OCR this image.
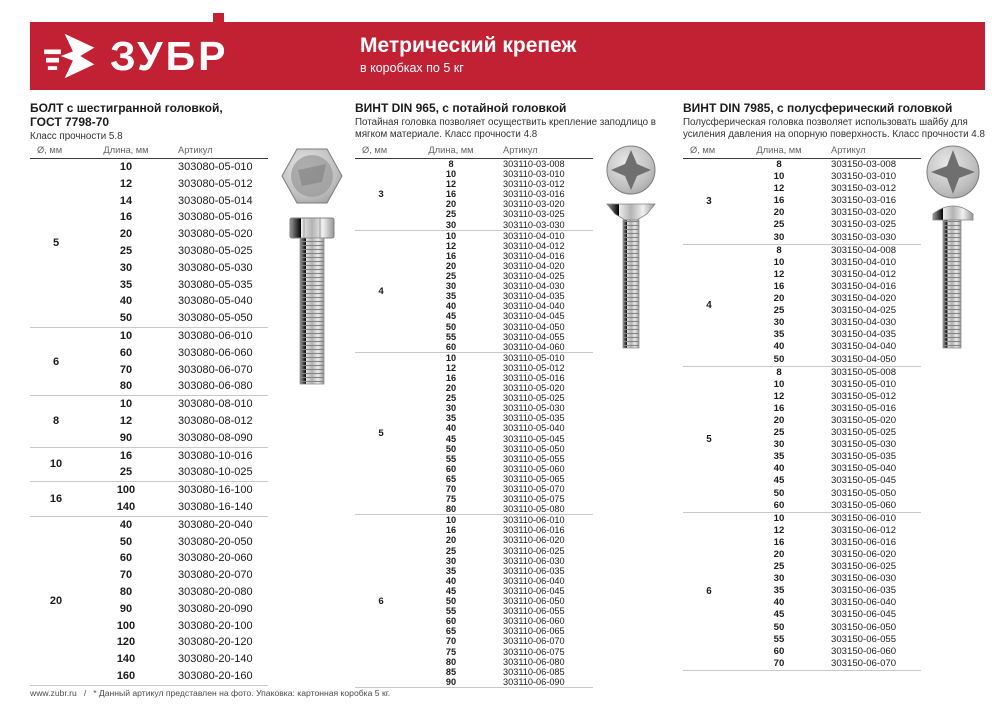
ЗУБР	Метрический крепеж
в коробках по 5 кг
БОЛТ с шестигранной головкой,
ГОСТ 7798-70
Класс прочности 5.8
Ø, мм	Длина, мм	Артикул
5
10	303080-05-010
12	303080-05-012
14	303080-05-014
16	303080-05-016
20	303080-05-020
25	303080-05-025
30	303080-05-030
35	303080-05-035
40	303080-05-040
50	303080-05-050
6
10	303080-06-010
60	303080-06-060
70	303080-06-070
80	303080-06-080
8
10	303080-08-010
12	303080-08-012
90	303080-08-090
10
16	303080-10-016
25	303080-10-025
16
100	303080-16-100
140	303080-16-140
20
40	303080-20-040
50	303080-20-050
60	303080-20-060
70	303080-20-070
80	303080-20-080
90	303080-20-090
100	303080-20-100
120	303080-20-120
140	303080-20-140
160	303080-20-160
ВИНТ DIN 965, с потайной головкой
Потайная головка позволяет осуществить крепление заподлицо в мягком материале. Класс прочности 4.8
Ø, мм	Длина, мм	Артикул
3
8	303110-03-008
10	303110-03-010
12	303110-03-012
16	303110-03-016
20	303110-03-020
25	303110-03-025
30	303110-03-030
4
10	303110-04-010
12	303110-04-012
16	303110-04-016
20	303110-04-020
25	303110-04-025
30	303110-04-030
35	303110-04-035
40	303110-04-040
45	303110-04-045
50	303110-04-050
55	303110-04-055
60	303110-04-060
5
10	303110-05-010
12	303110-05-012
16	303110-05-016
20	303110-05-020
25	303110-05-025
30	303110-05-030
35	303110-05-035
40	303110-05-040
45	303110-05-045
50	303110-05-050
55	303110-05-055
60	303110-05-060
65	303110-05-065
70	303110-05-070
75	303110-05-075
80	303110-05-080
6
10	303110-06-010
16	303110-06-016
20	303110-06-020
25	303110-06-025
30	303110-06-030
35	303110-06-035
40	303110-06-040
45	303110-06-045
50	303110-06-050
55	303110-06-055
60	303110-06-060
65	303110-06-065
70	303110-06-070
75	303110-06-075
80	303110-06-080
85	303110-06-085
90	303110-06-090
ВИНТ DIN 7985, с полусферический головкой
Полусферическая головка позволяет использовать шайбу для усиления давления на опорную поверхность. Класс прочности 4.8
Ø, мм	Длина, мм	Артикул
3
8	303150-03-008
10	303150-03-010
12	303150-03-012
16	303150-03-016
20	303150-03-020
25	303150-03-025
30	303150-03-030
4
8	303150-04-008
10	303150-04-010
12	303150-04-012
16	303150-04-016
20	303150-04-020
25	303150-04-025
30	303150-04-030
35	303150-04-035
40	303150-04-040
50	303150-04-050
5
8	303150-05-008
10	303150-05-010
12	303150-05-012
16	303150-05-016
20	303150-05-020
25	303150-05-025
30	303150-05-030
35	303150-05-035
40	303150-05-040
45	303150-05-045
50	303150-05-050
60	303150-05-060
6
10	303150-06-010
12	303150-06-012
16	303150-06-016
20	303150-06-020
25	303150-06-025
30	303150-06-030
35	303150-06-035
40	303150-06-040
45	303150-06-045
50	303150-06-050
55	303150-06-055
60	303150-06-060
70	303150-06-070
www.zubr.ru / * Данный артикул представлен на фото. Упаковка: картонная коробка 5 кг.
